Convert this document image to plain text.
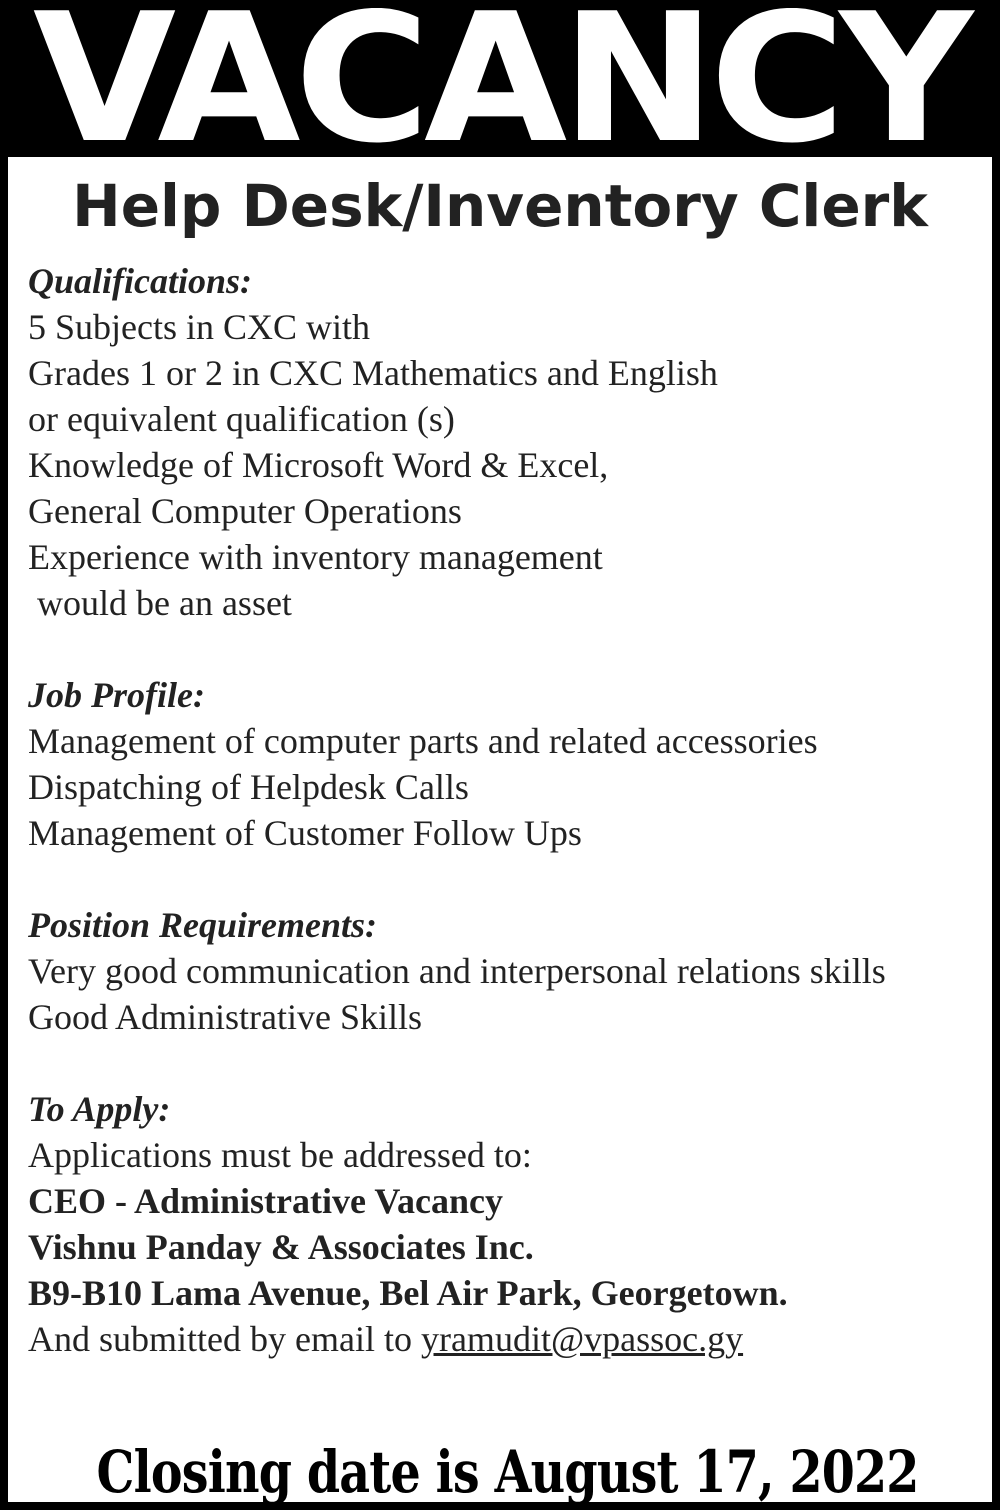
VACANCY
Help Desk/Inventory Clerk

Qualifications:

5 Subjects in CXC with

Grades 1 or 2 in CXC Mathematics and English

or equivalent qualification (s)

Knowledge of Microsoft Word & Excel,

General Computer Operations

Experience with inventory management

would be an asset

Job Profile:

Management of computer parts and related accessories

Dispatching of Helpdesk Calls

Management of Customer Follow Ups

Position Requirements:

Very good communication and interpersonal relations skills

Good Administrative Skills

To Apply:

Applications must be addressed to:

CEO - Administrative Vacancy

Vishnu Panday & Associates Inc.

B9-B10 Lama Avenue, Bel Air Park, Georgetown.

And submitted by email to yramudit@vpassoc.gy

Closing date is August 17, 2022
